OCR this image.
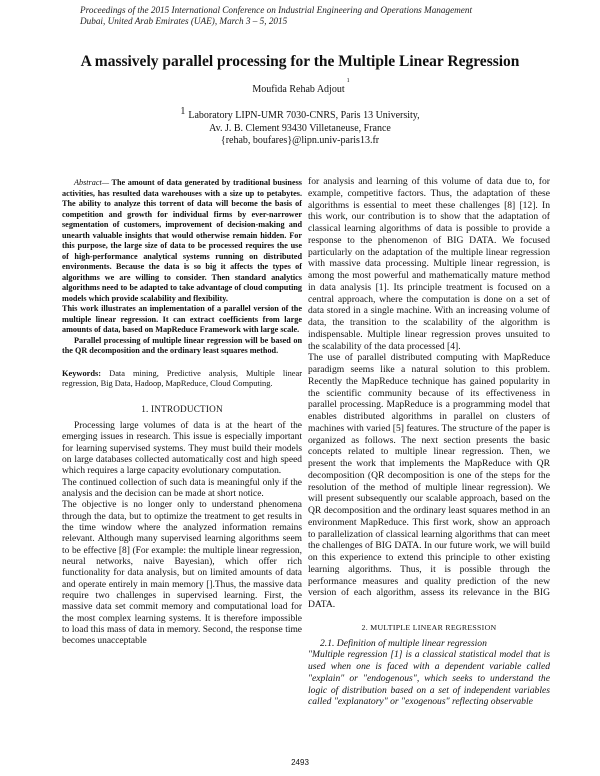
Proceedings of the 2015 International Conference on Industrial Engineering and Operations Management
Dubai, United Arab Emirates (UAE), March 3 – 5, 2015
A massively parallel processing for the Multiple Linear Regression
Moufida Rehab Adjout$^1$
1 Laboratory LIPN-UMR 7030-CNRS, Paris 13 University,
Av. J. B. Clement 93430 Villetaneuse, France
{rehab, boufares}@lipn.univ-paris13.fr

Abstract— The amount of data generated by traditional business activities, has resulted data warehouses with a size up to petabytes. The ability to analyze this torrent of data will become the basis of competition and growth for individual firms by ever-narrower segmentation of customers, improvement of decision-making and unearth valuable insights that would otherwise remain hidden. For this purpose, the large size of data to be processed requires the use of high-performance analytical systems running on distributed environments. Because the data is so big it affects the types of algorithms we are willing to consider. Then standard analytics algorithms need to be adapted to take advantage of cloud computing models which provide scalability and flexibility.

This work illustrates an implementation of a parallel version of the multiple linear regression. It can extract coefficients from large amounts of data, based on MapReduce Framework with large scale.

Parallel processing of multiple linear regression will be based on the QR decomposition and the ordinary least squares method.

Keywords: Data mining, Predictive analysis, Multiple linear regression, Big Data, Hadoop, MapReduce, Cloud Computing.

1. INTRODUCTION

Processing large volumes of data is at the heart of the emerging issues in research. This issue is especially important for learning supervised systems. They must build their models on large databases collected automatically cost and high speed which requires a large capacity evolutionary computation.

The continued collection of such data is meaningful only if the analysis and the decision can be made at short notice.

The objective is no longer only to understand phenomena through the data, but to optimize the treatment to get results in the time window where the analyzed information remains relevant. Although many supervised learning algorithms seem to be effective [8] (For example: the multiple linear regression, neural networks, naive Bayesian), which offer rich functionality for data analysis, but on limited amounts of data and operate entirely in main memory [].Thus, the massive data require two challenges in supervised learning. First, the massive data set commit memory and computational load for the most complex learning systems. It is therefore impossible to load this mass of data in memory. Second, the response time becomes unacceptable

for analysis and learning of this volume of data due to, for example, competitive factors. Thus, the adaptation of these algorithms is essential to meet these challenges [8] [12]. In this work, our contribution is to show that the adaptation of classical learning algorithms of data is possible to provide a response to the phenomenon of BIG DATA. We focused particularly on the adaptation of the multiple linear regression with massive data processing. Multiple linear regression, is among the most powerful and mathematically mature method in data analysis [1]. Its principle treatment is focused on a central approach, where the computation is done on a set of data stored in a single machine. With an increasing volume of data, the transition to the scalability of the algorithm is indispensable. Multiple linear regression proves unsuited to the scalability of the data processed [4].

The use of parallel distributed computing with MapReduce paradigm seems like a natural solution to this problem. Recently the MapReduce technique has gained popularity in the scientific community because of its effectiveness in parallel processing. MapReduce is a programming model that enables distributed algorithms in parallel on clusters of machines with varied [5] features. The structure of the paper is organized as follows. The next section presents the basic concepts related to multiple linear regression. Then, we present the work that implements the MapReduce with QR decomposition (QR decomposition is one of the steps for the resolution of the method of multiple linear regression). We will present subsequently our scalable approach, based on the QR decomposition and the ordinary least squares method in an environment MapReduce. This first work, show an approach to parallelization of classical learning algorithms that can meet the challenges of BIG DATA. In our future work, we will build on this experience to extend this principle to other existing learning algorithms. Thus, it is possible through the performance measures and quality prediction of the new version of each algorithm, assess its relevance in the BIG DATA.

2. MULTIPLE LINEAR REGRESSION

2.1. Definition of multiple linear regression

"Multiple regression [1] is a classical statistical model that is used when one is faced with a dependent variable called "explain" or "endogenous", which seeks to understand the logic of distribution based on a set of independent variables called "explanatory" or "exogenous" reflecting observable

2493
